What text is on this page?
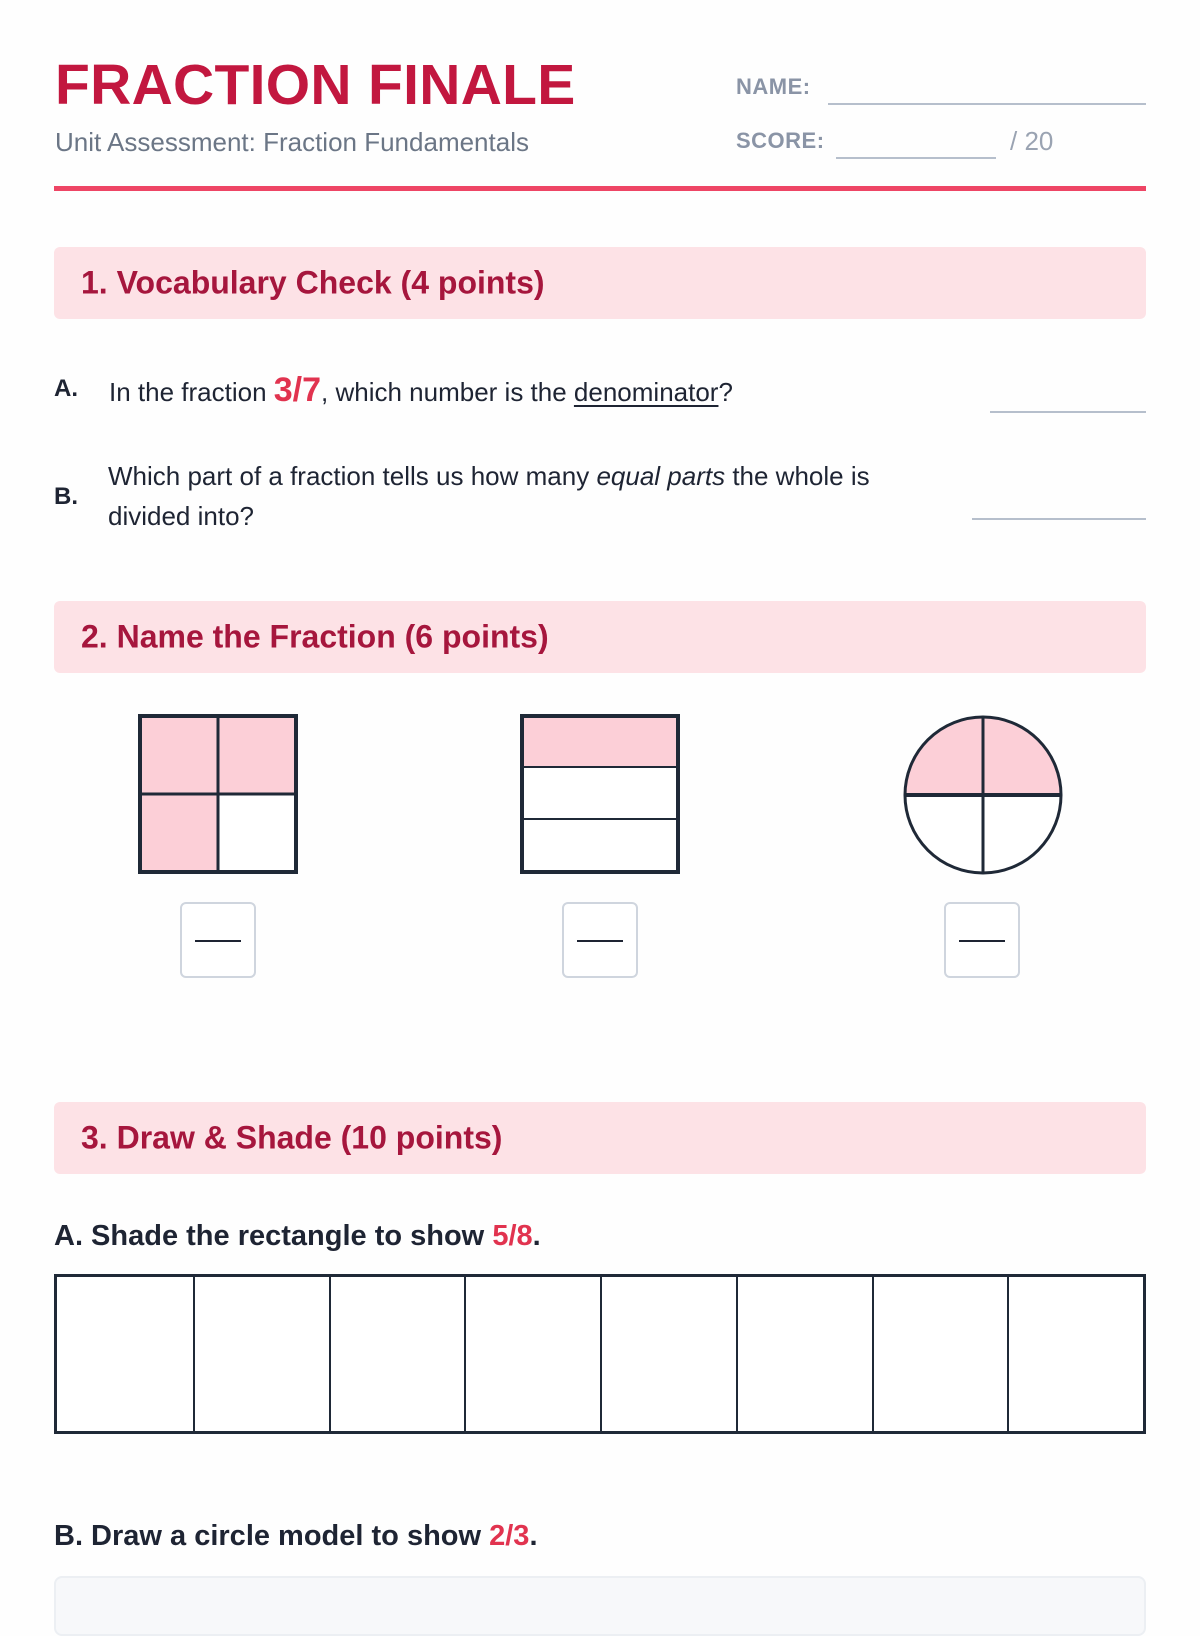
FRACTION FINALE
Unit Assessment: Fraction Fundamentals
NAME:
SCORE:	/ 20
1. Vocabulary Check (4 points)
A. In the fraction 3/7, which number is the denominator?
B.
Which part of a fraction tells us how many equal parts the whole is divided into?
2. Name the Fraction (6 points)
3. Draw & Shade (10 points)
A. Shade the rectangle to show 5/8.
B. Draw a circle model to show 2/3.
